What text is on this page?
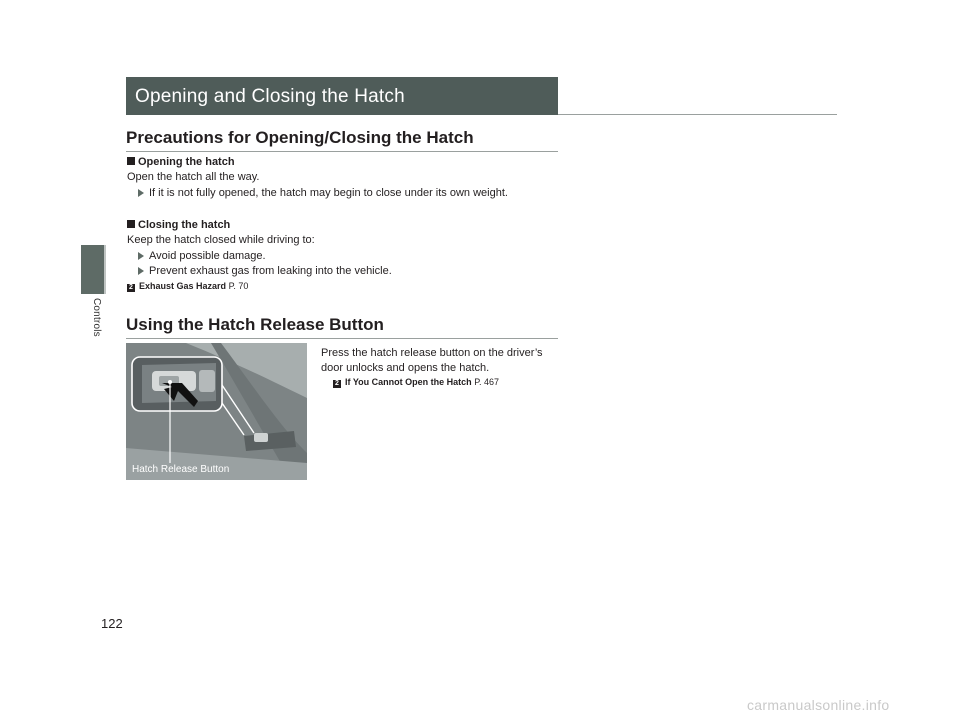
Controls
Opening and Closing the Hatch
Precautions for Opening/Closing the Hatch
Opening the hatch
Open the hatch all the way.
If it is not fully opened, the hatch may begin to close under its own weight.
Closing the hatch
Keep the hatch closed while driving to:
Avoid possible damage.
Prevent exhaust gas from leaking into the vehicle.
2 Exhaust Gas Hazard P. 70
Using the Hatch Release Button
Hatch Release Button
Press the hatch release button on the driver’s
door unlocks and opens the hatch.
2 If You Cannot Open the Hatch P. 467
122
carmanualsonline.info
